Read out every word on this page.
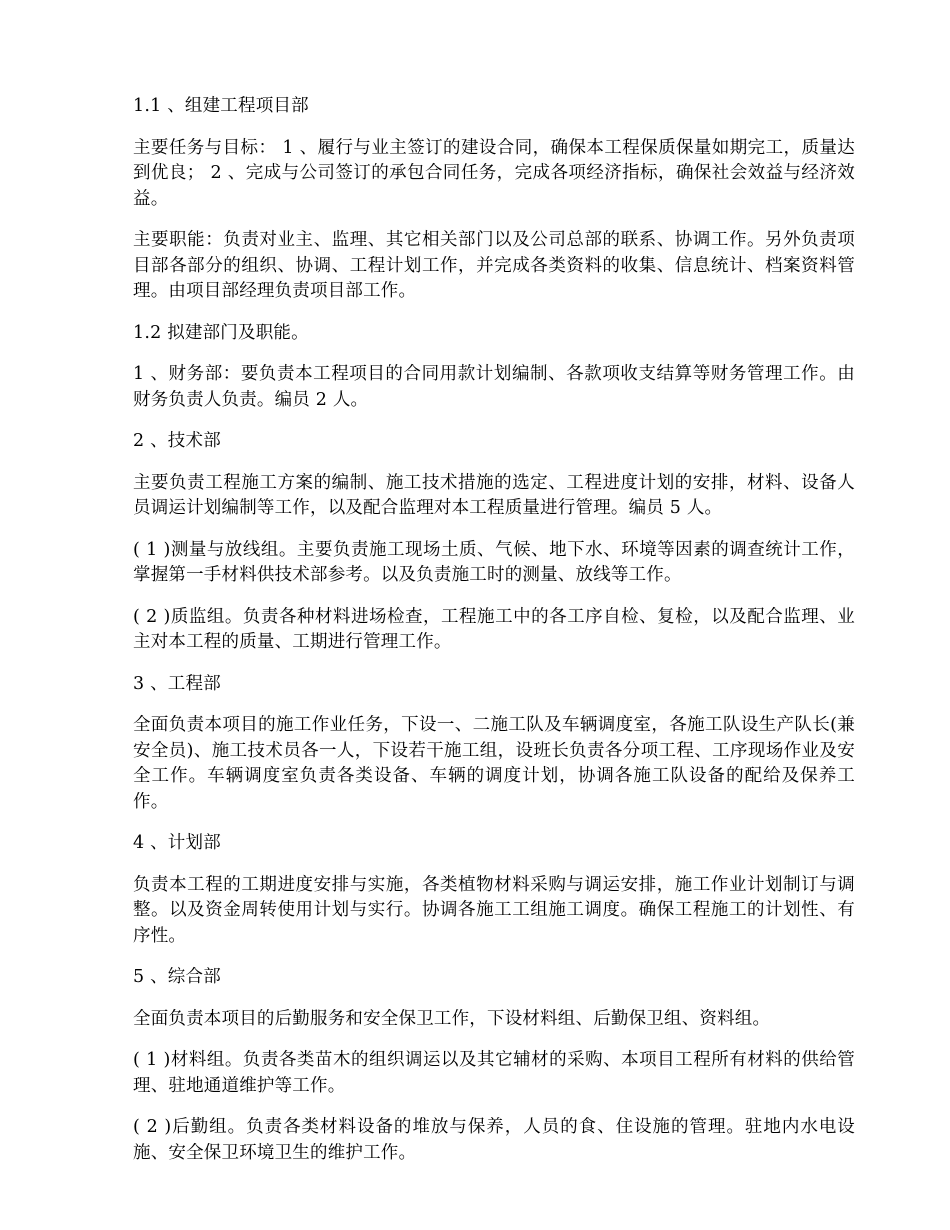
1.1 、组建工程项目部

主要任务与目标： 1 、履行与业主签订的建设合同，确保本工程保质保量如期完工，质量达到优良； 2 、完成与公司签订的承包合同任务，完成各项经济指标，确保社会效益与经济效益。

主要职能：负责对业主、监理、其它相关部门以及公司总部的联系、协调工作。另外负责项目部各部分的组织、协调、工程计划工作，并完成各类资料的收集、信息统计、档案资料管理。由项目部经理负责项目部工作。

1.2 拟建部门及职能。

1 、财务部：要负责本工程项目的合同用款计划编制、各款项收支结算等财务管理工作。由财务负责人负责。编员 2 人。

2 、技术部

主要负责工程施工方案的编制、施工技术措施的选定、工程进度计划的安排，材料、设备人员调运计划编制等工作，以及配合监理对本工程质量进行管理。编员 5 人。

( 1 )测量与放线组。主要负责施工现场土质、气候、地下水、环境等因素的调查统计工作，掌握第一手材料供技术部参考。以及负责施工时的测量、放线等工作。

( 2 )质监组。负责各种材料进场检查，工程施工中的各工序自检、复检，以及配合监理、业主对本工程的质量、工期进行管理工作。

3 、工程部

全面负责本项目的施工作业任务，下设一、二施工队及车辆调度室，各施工队设生产队长(兼安全员)、施工技术员各一人，下设若干施工组，设班长负责各分项工程、工序现场作业及安全工作。车辆调度室负责各类设备、车辆的调度计划，协调各施工队设备的配给及保养工作。

4 、计划部

负责本工程的工期进度安排与实施，各类植物材料采购与调运安排，施工作业计划制订与调整。以及资金周转使用计划与实行。协调各施工工组施工调度。确保工程施工的计划性、有序性。

5 、综合部

全面负责本项目的后勤服务和安全保卫工作，下设材料组、后勤保卫组、资料组。

( 1 )材料组。负责各类苗木的组织调运以及其它辅材的采购、本项目工程所有材料的供给管理、驻地通道维护等工作。

( 2 )后勤组。负责各类材料设备的堆放与保养，人员的食、住设施的管理。驻地内水电设施、安全保卫环境卫生的维护工作。
